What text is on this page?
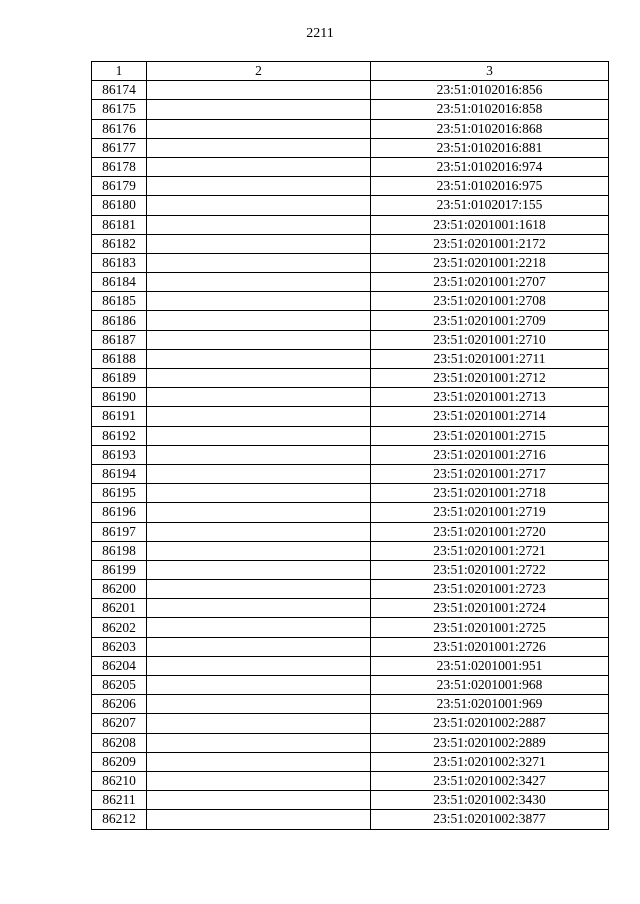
2211
1	2	3
86174		23:51:0102016:856
86175		23:51:0102016:858
86176		23:51:0102016:868
86177		23:51:0102016:881
86178		23:51:0102016:974
86179		23:51:0102016:975
86180		23:51:0102017:155
86181		23:51:0201001:1618
86182		23:51:0201001:2172
86183		23:51:0201001:2218
86184		23:51:0201001:2707
86185		23:51:0201001:2708
86186		23:51:0201001:2709
86187		23:51:0201001:2710
86188		23:51:0201001:2711
86189		23:51:0201001:2712
86190		23:51:0201001:2713
86191		23:51:0201001:2714
86192		23:51:0201001:2715
86193		23:51:0201001:2716
86194		23:51:0201001:2717
86195		23:51:0201001:2718
86196		23:51:0201001:2719
86197		23:51:0201001:2720
86198		23:51:0201001:2721
86199		23:51:0201001:2722
86200		23:51:0201001:2723
86201		23:51:0201001:2724
86202		23:51:0201001:2725
86203		23:51:0201001:2726
86204		23:51:0201001:951
86205		23:51:0201001:968
86206		23:51:0201001:969
86207		23:51:0201002:2887
86208		23:51:0201002:2889
86209		23:51:0201002:3271
86210		23:51:0201002:3427
86211		23:51:0201002:3430
86212		23:51:0201002:3877
